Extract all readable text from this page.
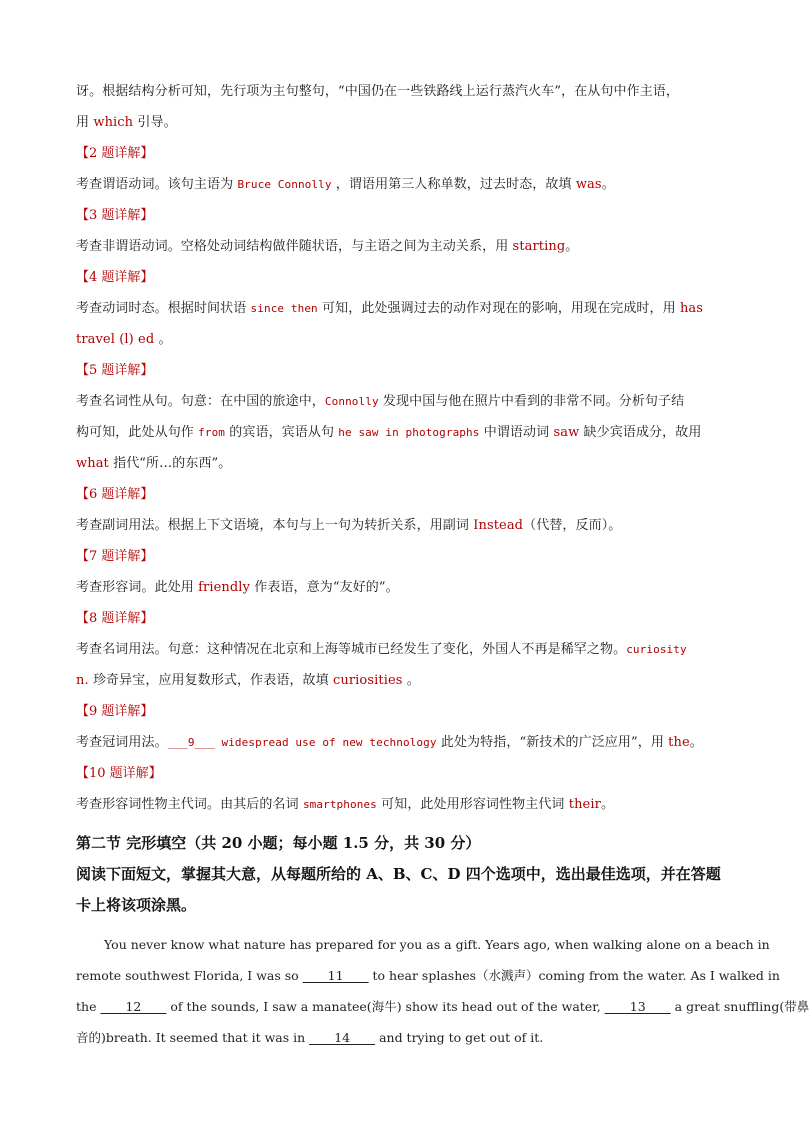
讶。根据结构分析可知，先行项为主句整句，“中国仍在一些铁路线上运行蒸汽火车”，在从句中作主语，
用 which 引导。
【2 题详解】
考查谓语动词。该句主语为 Bruce Connolly ，谓语用第三人称单数，过去时态，故填 was。
【3 题详解】
考查非谓语动词。空格处动词结构做伴随状语，与主语之间为主动关系，用 starting。
【4 题详解】
考查动词时态。根据时间状语 since then 可知，此处强调过去的动作对现在的影响，用现在完成时，用 has
travel (l) ed 。
【5 题详解】
考查名词性从句。句意：在中国的旅途中，Connolly 发现中国与他在照片中看到的非常不同。分析句子结
构可知，此处从句作 from 的宾语，宾语从句 he saw in photographs 中谓语动词 saw 缺少宾语成分，故用
what 指代“所…的东西”。
【6 题详解】
考查副词用法。根据上下文语境，本句与上一句为转折关系，用副词 Instead（代替，反而）。
【7 题详解】
考查形容词。此处用 friendly 作表语，意为“友好的”。
【8 题详解】
考查名词用法。句意：这种情况在北京和上海等城市已经发生了变化，外国人不再是稀罕之物。curiosity
n. 珍奇异宝，应用复数形式，作表语，故填 curiosities 。
【9 题详解】
考查冠词用法。___9___ widespread use of new technology 此处为特指，“新技术的广泛应用”，用 the。
【10 题详解】
考查形容词性物主代词。由其后的名词 smartphones 可知，此处用形容词性物主代词 their。
第二节 完形填空（共 20 小题；每小题 1.5 分，共 30 分）
阅读下面短文，掌握其大意，从每题所给的 A、B、C、D 四个选项中，选出最佳选项，并在答题卡上将该项涂黑。
You never know what nature has prepared for you as a gift. Years ago, when walking alone on a beach in
remote southwest Florida, I was so ____11____ to hear splashes（水溅声）coming from the water. As I walked in
the ____12____ of the sounds, I saw a manatee(海牛) show its head out of the water, ____13____ a great snuffling(带鼻
音的)breath. It seemed that it was in ____14____ and trying to get out of it.
